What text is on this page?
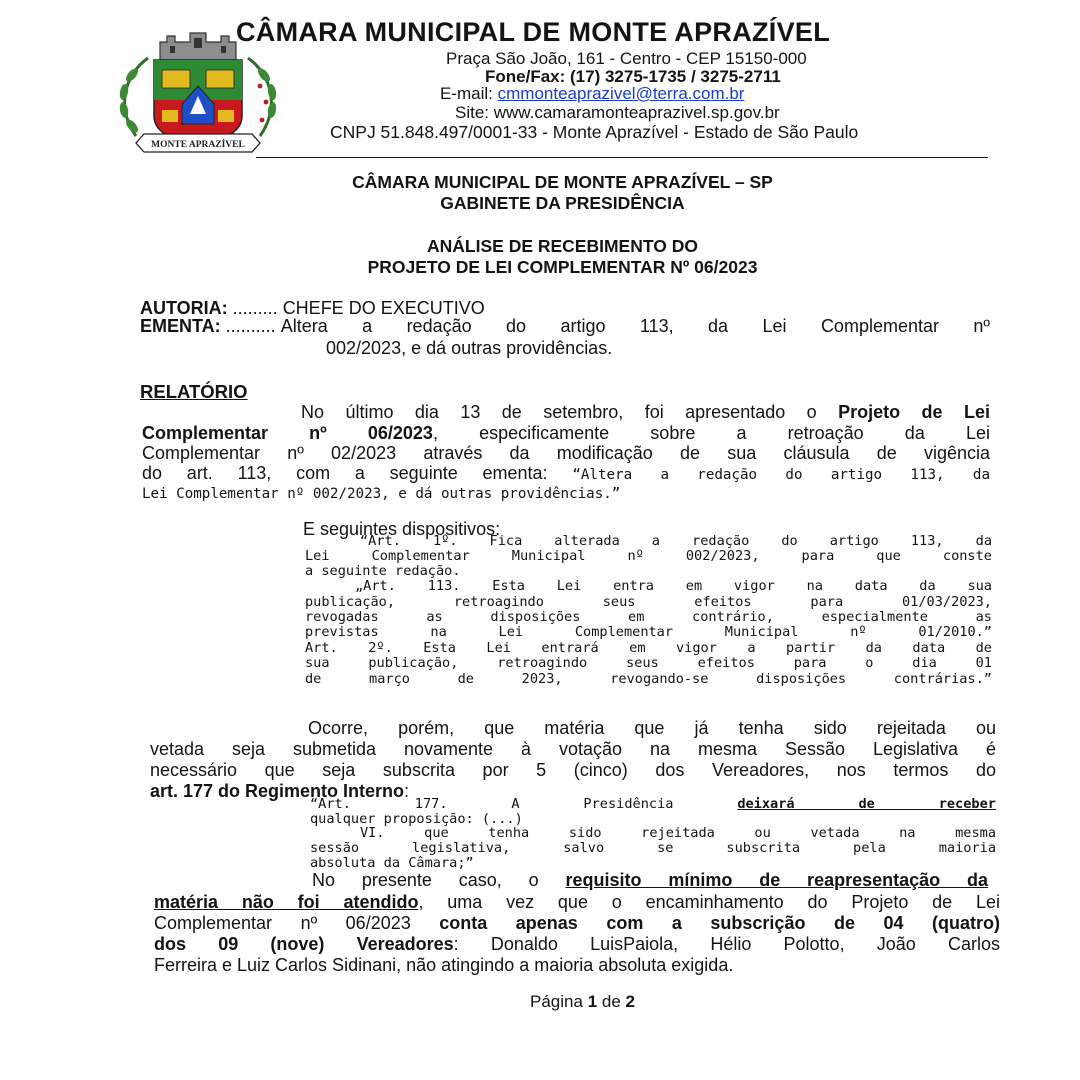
MONTE APRAZÍVEL
CÂMARA MUNICIPAL DE MONTE APRAZÍVEL
Praça São João, 161 - Centro - CEP 15150-000
Fone/Fax: (17) 3275-1735 / 3275-2711
E-mail: cmmonteaprazivel@terra.com.br
Site: www.camaramonteaprazivel.sp.gov.br
CNPJ 51.848.497/0001-33 - Monte Aprazível - Estado de São Paulo
CÂMARA MUNICIPAL DE MONTE APRAZÍVEL – SP
GABINETE DA PRESIDÊNCIA
ANÁLISE DE RECEBIMENTO DO
PROJETO DE LEI COMPLEMENTAR Nº 06/2023
AUTORIA: ......... CHEFE DO EXECUTIVO
EMENTA: .......... Altera a redação do artigo 113, da Lei Complementar nº
002/2023, e dá outras providências.
RELATÓRIO
No último dia 13 de setembro, foi apresentado o Projeto de Lei
Complementar nº 06/2023, especificamente sobre a retroação da Lei
Complementar nº 02/2023 através da modificação de sua cláusula de vigência
do art. 113, com a seguinte ementa: “Altera a redação do artigo 113, da
Lei Complementar nº 002/2023, e dá outras providências.”
E seguintes dispositivos:
“Art. 1º. Fica alterada a redação do artigo 113, da
Lei Complementar Municipal nº 002/2023, para que conste
a seguinte redação.
„Art. 113. Esta Lei entra em vigor na data da sua
publicação, retroagindo seus efeitos para 01/03/2023,
revogadas as disposições em contrário, especialmente as
previstas na Lei Complementar Municipal nº 01/2010.”
Art. 2º. Esta Lei entrará em vigor a partir da data de
sua publicação, retroagindo seus efeitos para o dia 01
de março de 2023, revogando-se disposições contrárias.”
Ocorre, porém, que matéria que já tenha sido rejeitada ou
vetada seja submetida novamente à votação na mesma Sessão Legislativa é
necessário que seja subscrita por 5 (cinco) dos Vereadores, nos termos do
art. 177 do Regimento Interno:
“Art. 177. A Presidência deixará de receber
qualquer proposição: (...)
VI. que tenha sido rejeitada ou vetada na mesma
sessão legislativa, salvo se subscrita pela maioria
absoluta da Câmara;”
No presente caso, o requisito mínimo de reapresentação da
matéria não foi atendido, uma vez que o encaminhamento do Projeto de Lei
Complementar nº 06/2023 conta apenas com a subscrição de 04 (quatro)
dos 09 (nove) Vereadores: Donaldo LuisPaiola, Hélio Polotto, João Carlos
Ferreira e Luiz Carlos Sidinani, não atingindo a maioria absoluta exigida.
Página 1 de 2
